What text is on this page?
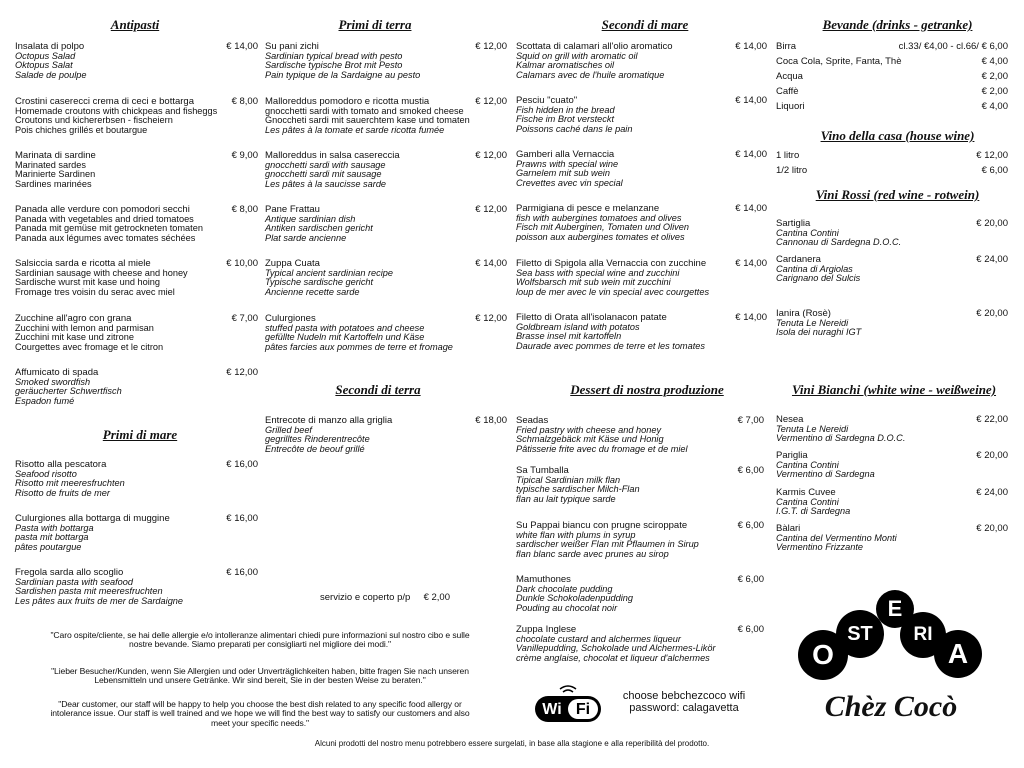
Antipasti	Primi di terra	Secondi di mare	Bevande (drinks - getranke)
Primi di mare
Secondi di terra	Dessert di nostra produzione
Vino della casa (house wine)
Vini Rossi (red wine - rotwein)
Vini Bianchi (white wine - weißweine)
Insalata di polpo	€ 14,00
Octopus Salad
Oktopus Salat
Salade de poulpe
Crostini casereccі crema di ceci e bottarga	€ 8,00
Homemade croutons with chickpeas and fisheggs
Croutons und kichererbsen - fischeiern
Pois chiches grillés et boutargue
Marinata di sardine	€ 9,00
Marinated sardes
Marinierte Sardinen
Sardines marinées
Panada alle verdure con pomodori secchi	€ 8,00
Panada with vegetables and dried tomatoes
Panada mit gemüse mit getrockneten tomaten
Panada aux légumes avec tomates séchées
Salsiccia sarda e ricotta al miele	€ 10,00
Sardinian sausage with cheese and honey
Sardische wurst mit kase und hoing
Fromage tres voisin du serac avec miel
Zucchine all'agro con grana	€ 7,00
Zucchini with lemon and parmisan
Zucchini mit kase und zitrone
Courgettes avec fromage et le citron
Affumicato di spada	€ 12,00
Smoked swordfish
geräucherter Schwertfisch
Espadon fumé
Risotto alla pescatora	€ 16,00
Seafood risotto
Risotto mit meeresfruchten
Risotto de fruits de mer
Culurgiones alla bottarga di muggine	€ 16,00
Pasta with bottarga
pasta mit bottarga
pâtes poutargue
Fregola sarda allo scoglio	€ 16,00
Sardinian pasta with seafood
Sardishen pasta mit meeresfruchten
Les pâtes aux fruits de mer de Sardaigne
Su pani zichi	€ 12,00
Sardinian typical bread with pesto
Sardische typische Brot mit Pesto
Pain typique de la Sardaigne au pesto
Malloreddus pomodoro e ricotta mustia	€ 12,00
gnocchetti sardi with tomato and smoked cheese
Gnoccheti sardi mit sauerchtem kase und tomaten
Les pâtes à la tomate et sarde ricotta fumée
Malloreddus in salsa casereccia	€ 12,00
gnocchetti sardi with sausage
gnocchetti sardi mit sausage
Les pâtes à la saucisse sarde
Pane Frattau	€ 12,00
Antique sardinian dish
Antiken sardischen gericht
Plat sarde ancienne
Zuppa Cuata	€ 14,00
Typical ancient sardinian recipe
Typische sardische gericht
Ancienne recette sarde
Culurgiones	€ 12,00
stuffed pasta with potatoes and cheese
gefüllte Nudeln mit Kartoffeln und Käse
pâtes farcies aux pommes de terre et fromage
Entrecote di manzo alla griglia	€ 18,00
Grilled beef
gegrilltes Rinderentrecôte
Entrecôte de beouf grillé
servizio e coperto p/p	€ 2,00
Scottata di calamari all'olio aromatico	€ 14,00
Squid on grill with aromatic oil
Kalmar aromatisches oil
Calamars avec de l'huile aromatique
Pesciu "cuato"	€ 14,00
Fish hidden in the bread
Fische im Brot versteckt
Poissons caché dans le pain
Gamberi alla Vernaccia	€ 14,00
Prawns with special wine
Garnelem mit sub wein
Crevettes avec vin special
Parmigiana di pesce e melanzane	€ 14,00
fish with aubergines tomatoes and olives
Fisch mit Auberginen, Tomaten und Oliven
poisson aux aubergines tomates et olives
Filetto di Spigola alla Vernaccia con zucchine	€ 14,00
Sea bass with special wine and zucchini
Wolfsbarsch mit sub wein mit zucchini
loup de mer avec le vin special avec courgettes
Filetto di Orata all'isolanacon patate	€ 14,00
Goldbream island with potatos
Brasse insel mit kartoffeln
Daurade avec pommes de terre et les tomates
Seadas	€ 7,00
Fried pastry with cheese and honey
Schmalzgebäck mit Käse und Honig
Pâtisserie frite avec du fromage et de miel
Sa Tumballa	€ 6,00
Tipical Sardinian milk flan
typische sardischer Milch-Flan
flan au lait typique sarde
Su Pappai biancu con prugne sciroppate	€ 6,00
white flan with plums in syrup
sardischer weißer Flan mit Pflaumen in Sirup
flan blanc sarde avec prunes au sirop
Mamuthones	€ 6,00
Dark chocolate pudding
Dunkle Schokoladenpudding
Pouding au chocolat noir
Zuppa Inglese	€ 6,00
chocolate custard and alchermes liqueur
Vanillepudding, Schokolade und Alchermes-Likör
crème anglaise, chocolat et liqueur d'alchermes
Birra	cl.33/ €4,00 - cl.66/ € 6,00
Coca Cola, Sprite, Fanta, Thè	€ 4,00
Acqua	€ 2,00
Caffè	€ 2,00
Liquori	€ 4,00
1 litro	€ 12,00
1/2 litro	€ 6,00
Sartiglia	€ 20,00
Cantina Contini
Cannonau di Sardegna D.O.C.
Cardanera	€ 24,00
Cantina di Argiolas
Carignano del Sulcis
Ianira (Rosè)	€ 20,00
Tenuta Le Nereidi
Isola dei nuraghi IGT
Nesea	€ 22,00
Tenuta Le Nereidi
Vermentino di Sardegna D.O.C.
Pariglia	€ 20,00
Cantina Contini
Vermentino di Sardegna
Karmis Cuvee	€ 24,00
Cantina Contini
I.G.T. di Sardegna
Bàlari	€ 20,00
Cantina del Vermentino Monti
Vermentino Frizzante
"Caro ospite/cliente, se hai delle allergie e/o intolleranze alimentari chiedi pure informazioni sul nostro cibo e sulle nostre bevande. Siamo preparati per consigliarti nel migliore dei modi."
"Lieber Besucher/Kunden, wenn Sie Allergien und oder Unverträglichkeiten haben, bitte fragen Sie nach unseren Lebensmitteln und unsere Getränke. Wir sind bereit, Sie in der besten Weise zu beraten."
"Dear customer, our staff will be happy to help you choose the best dish related to any specific food allergy or intolerance issue. Our staff is well trained and we hope we will find the best way to satisfy our customers and also meet your specific needs."
Wi Fi
choose bebchezcoco wifi
password: calagavetta
O
ST
E
RI
A
Chèz Cocò
Alcuni prodotti del nostro menu potrebbero essere surgelati, in base alla stagione e alla reperibilità del prodotto.
